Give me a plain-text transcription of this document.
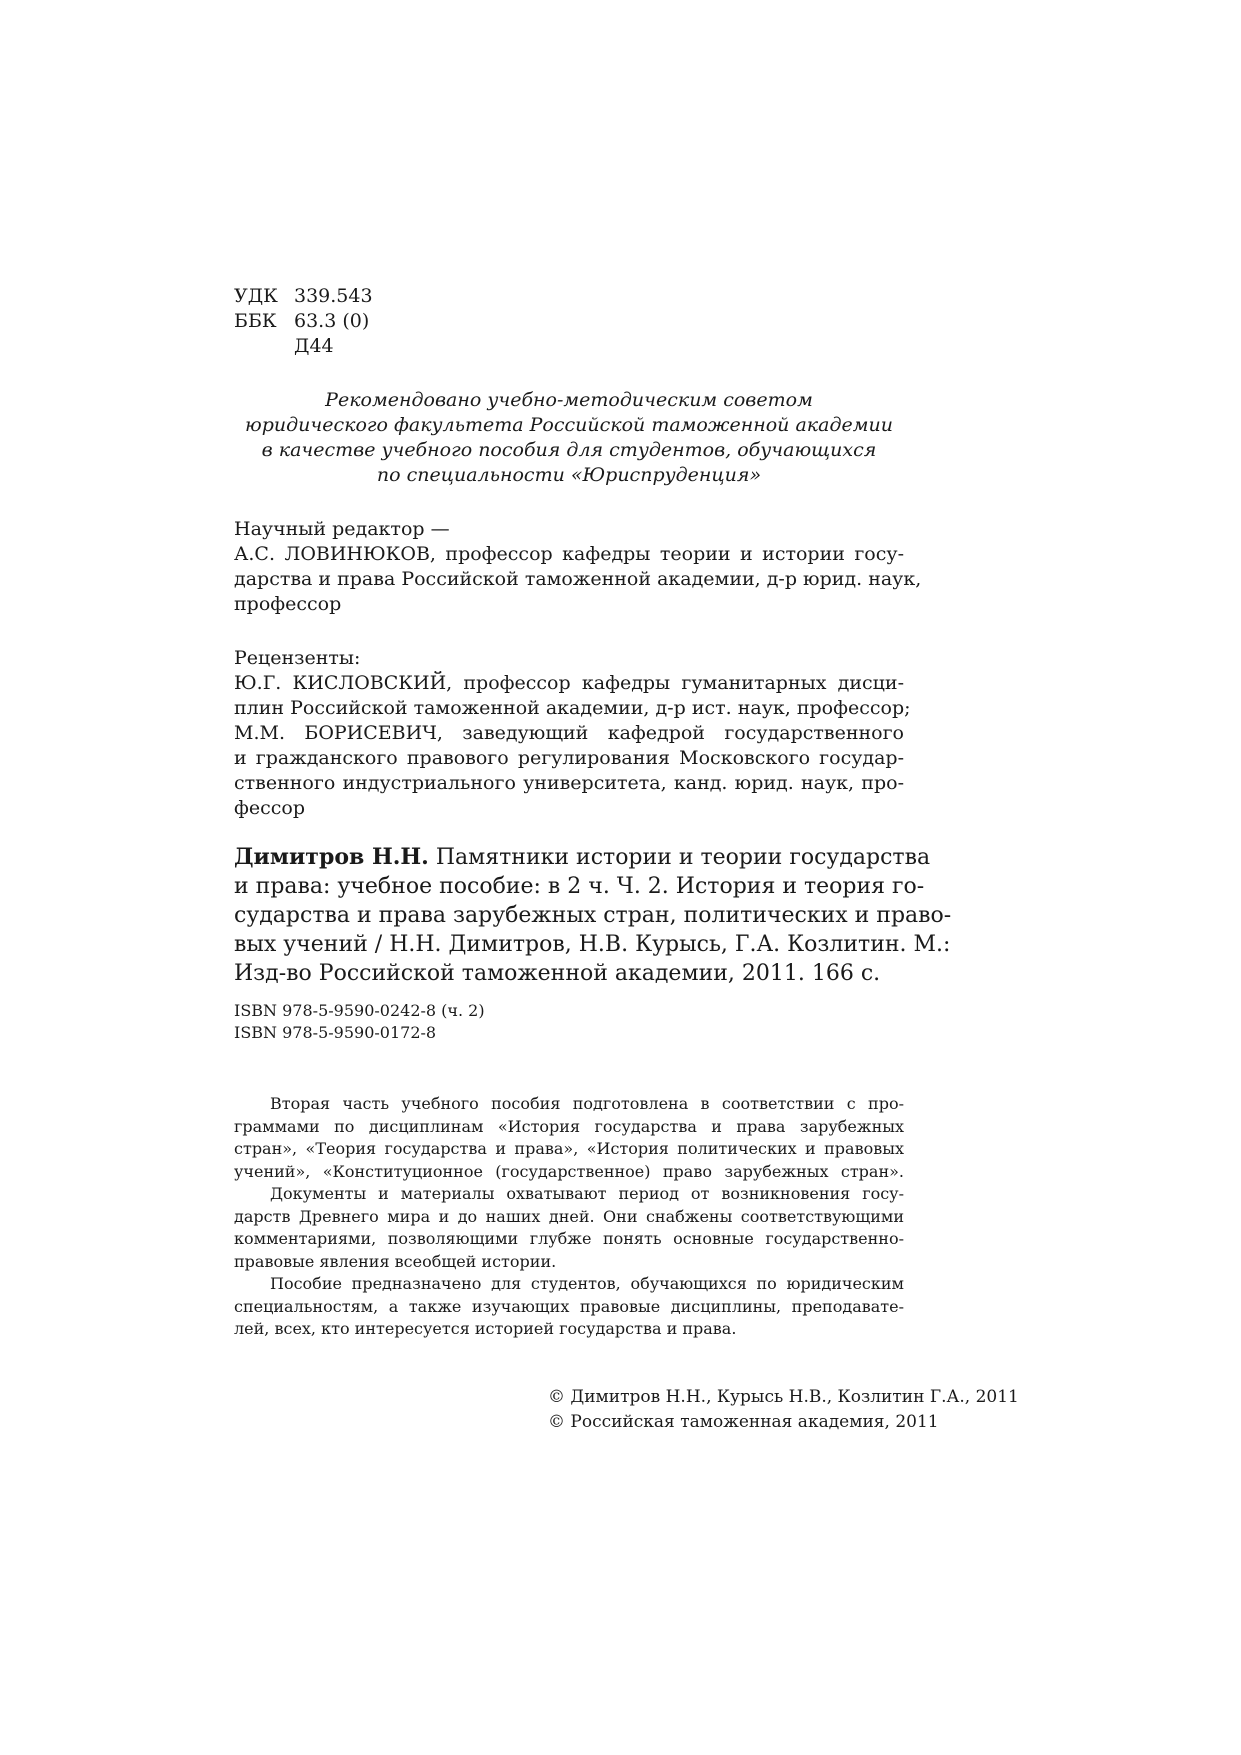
УДК 339.543
ББК 63.3 (0)
Д44
Рекомендовано учебно-методическим советом
юридического факультета Российской таможенной академии
в качестве учебного пособия для студентов, обучающихся
по специальности «Юриспруденция»
Научный редактор —
А.С. ЛОВИНЮКОВ, профессор кафедры теории и истории госу-
дарства и права Российской таможенной академии, д-р юрид. наук,
профессор
Рецензенты:
Ю.Г. КИСЛОВСКИЙ, профессор кафедры гуманитарных дисци-
плин Российской таможенной академии, д-р ист. наук, профессор;
М.М. БОРИСЕВИЧ, заведующий кафедрой государственного
и гражданского правового регулирования Московского государ-
ственного индустриального университета, канд. юрид. наук, про-
фессор
Димитров Н.Н. Памятники истории и теории государства
и права: учебное пособие: в 2 ч. Ч. 2. История и теория го-
сударства и права зарубежных стран, политических и право-
вых учений / Н.Н. Димитров, Н.В. Курысь, Г.А. Козлитин. М.:
Изд-во Российской таможенной академии, 2011. 166 с.
ISBN 978-5-9590-0242-8 (ч. 2)
ISBN 978-5-9590-0172-8
Вторая часть учебного пособия подготовлена в соответствии с про-
граммами по дисциплинам «История государства и права зарубежных
стран», «Теория государства и права», «История политических и правовых
учений», «Конституционное (государственное) право зарубежных стран».
Документы и материалы охватывают период от возникновения госу-
дарств Древнего мира и до наших дней. Они снабжены соответствующими
комментариями, позволяющими глубже понять основные государственно-
правовые явления всеобщей истории.
Пособие предназначено для студентов, обучающихся по юридическим
специальностям, а также изучающих правовые дисциплины, преподавате-
лей, всех, кто интересуется историей государства и права.
© Димитров Н.Н., Курысь Н.В., Козлитин Г.А., 2011
© Российская таможенная академия, 2011
